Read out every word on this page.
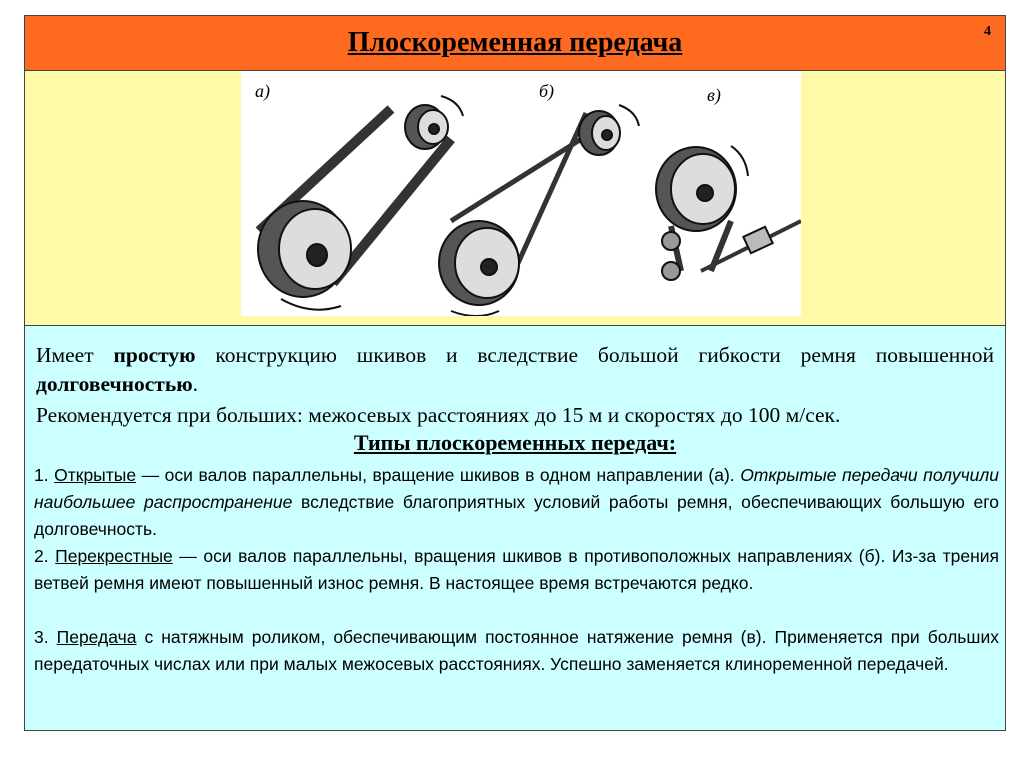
Плоскоременная передача	4
а)	б)	в)

Имеет простую конструкцию шкивов и вследствие большой гибкости ремня повышенной долговечностью.

Рекомендуется при больших: межосевых расстояниях до 15 м и скоростях до 100 м/сек.

Типы плоскоременных передач:

1. Открытые — оси валов параллельны, вращение шкивов в одном направлении (а). Открытые передачи получили наибольшее распространение вследствие благоприятных условий работы ремня, обеспечивающих большую его долговечность.

2. Перекрестные — оси валов параллельны, вращения шкивов в противоположных направлениях (б). Из-за трения ветвей ремня имеют повышенный износ ремня. В настоящее время встречаются редко.

3. Передача с натяжным роликом, обеспечивающим постоянное натяжение ремня (в). Применяется при больших передаточных числах или при малых межосевых расстояниях. Успешно заменяется клиноременной передачей.
